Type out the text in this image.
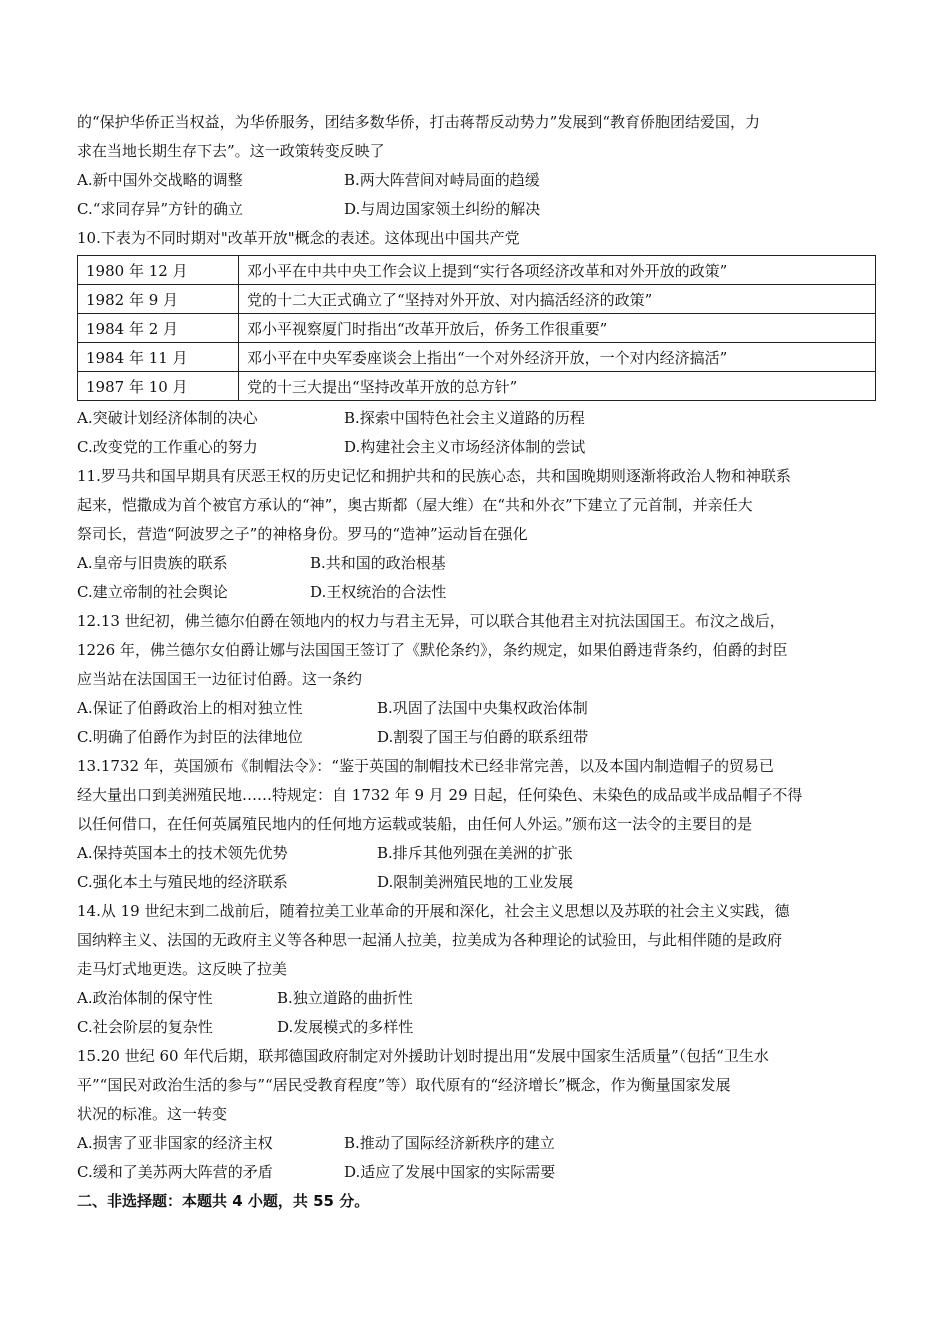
的“保护华侨正当权益，为华侨服务，团结多数华侨，打击蒋帮反动势力”发展到“教育侨胞团结爱国，力
求在当地长期生存下去”。这一政策转变反映了
A.新中国外交战略的调整	B.两大阵营间对峙局面的趋缓
C.“求同存异”方针的确立	D.与周边国家领土纠纷的解决
10.下表为不同时期对"改革开放"概念的表述。这体现出中国共产党
1980 年 12 月	邓小平在中共中央工作会议上提到“实行各项经济改革和对外开放的政策”
1982 年 9 月	党的十二大正式确立了“坚持对外开放、对内搞活经济的政策”
1984 年 2 月	邓小平视察厦门时指出“改革开放后，侨务工作很重要”
1984 年 11 月	邓小平在中央军委座谈会上指出“一个对外经济开放，一个对内经济搞活”
1987 年 10 月	党的十三大提出“坚持改革开放的总方针”
A.突破计划经济体制的决心	B.探索中国特色社会主义道路的历程
C.改变党的工作重心的努力	D.构建社会主义市场经济体制的尝试
11.罗马共和国早期具有厌恶王权的历史记忆和拥护共和的民族心态，共和国晚期则逐渐将政治人物和神联系
起来，恺撒成为首个被官方承认的“神”，奥古斯都（屋大维）在“共和外衣”下建立了元首制，并亲任大
祭司长，营造“阿波罗之子”的神格身份。罗马的“造神”运动旨在强化
A.皇帝与旧贵族的联系	B.共和国的政治根基
C.建立帝制的社会舆论	D.王权统治的合法性
12.13 世纪初，佛兰德尔伯爵在领地内的权力与君主无异，可以联合其他君主对抗法国国王。布汶之战后，
1226 年，佛兰德尔女伯爵让娜与法国国王签订了《默伦条约》，条约规定，如果伯爵违背条约，伯爵的封臣
应当站在法国国王一边征讨伯爵。这一条约
A.保证了伯爵政治上的相对独立性	B.巩固了法国中央集权政治体制
C.明确了伯爵作为封臣的法律地位	D.割裂了国王与伯爵的联系纽带
13.1732 年，英国颁布《制帽法令》：“鉴于英国的制帽技术已经非常完善，以及本国内制造帽子的贸易已
经大量出口到美洲殖民地……特规定：自 1732 年 9 月 29 日起，任何染色、未染色的成品或半成品帽子不得
以任何借口，在任何英属殖民地内的任何地方运载或装船，由任何人外运。”颁布这一法令的主要目的是
A.保持英国本土的技术领先优势	B.排斥其他列强在美洲的扩张
C.强化本土与殖民地的经济联系	D.限制美洲殖民地的工业发展
14.从 19 世纪末到二战前后，随着拉美工业革命的开展和深化，社会主义思想以及苏联的社会主义实践，德
国纳粹主义、法国的无政府主义等各种思一起涌人拉美，拉美成为各种理论的试验田，与此相伴随的是政府
走马灯式地更迭。这反映了拉美
A.政治体制的保守性	B.独立道路的曲折性
C.社会阶层的复杂性	D.发展模式的多样性
15.20 世纪 60 年代后期，联邦德国政府制定对外援助计划时提出用“发展中国家生活质量”（包括“卫生水
平”“国民对政治生活的参与”“居民受教育程度”等）取代原有的“经济增长”概念，作为衡量国家发展
状况的标准。这一转变
A.损害了亚非国家的经济主权	B.推动了国际经济新秩序的建立
C.缓和了美苏两大阵营的矛盾	D.适应了发展中国家的实际需要
二、非选择题：本题共 4 小题，共 55 分。
